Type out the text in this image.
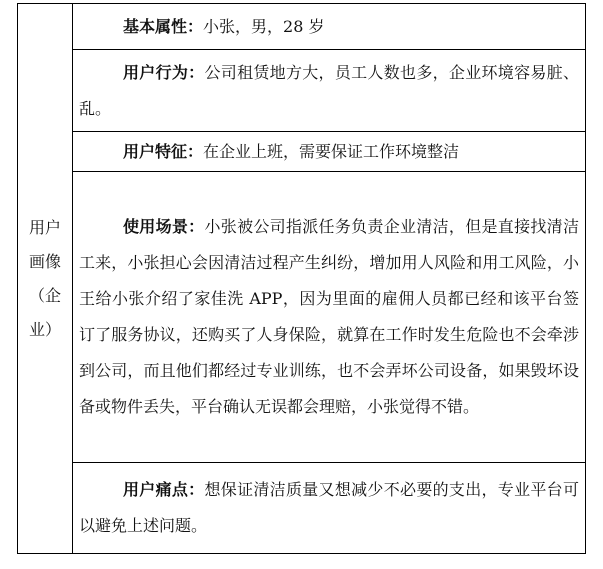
用户
画像
（企
业）
	基本属性：小张，男，28 岁
用户行为：公司租赁地方大，员工人数也多，企业环境容易脏、乱。
用户特征：在企业上班，需要保证工作环境整洁
使用场景：小张被公司指派任务负责企业清洁，但是直接找清洁工来，小张担心会因清洁过程产生纠纷，增加用人风险和用工风险，小王给小张介绍了家佳洗 APP，因为里面的雇佣人员都已经和该平台签订了服务协议，还购买了人身保险，就算在工作时发生危险也不会牵涉到公司，而且他们都经过专业训练，也不会弄坏公司设备，如果毁坏设备或物件丢失，平台确认无误都会理赔，小张觉得不错。
用户痛点：想保证清洁质量又想减少不必要的支出，专业平台可以避免上述问题。
